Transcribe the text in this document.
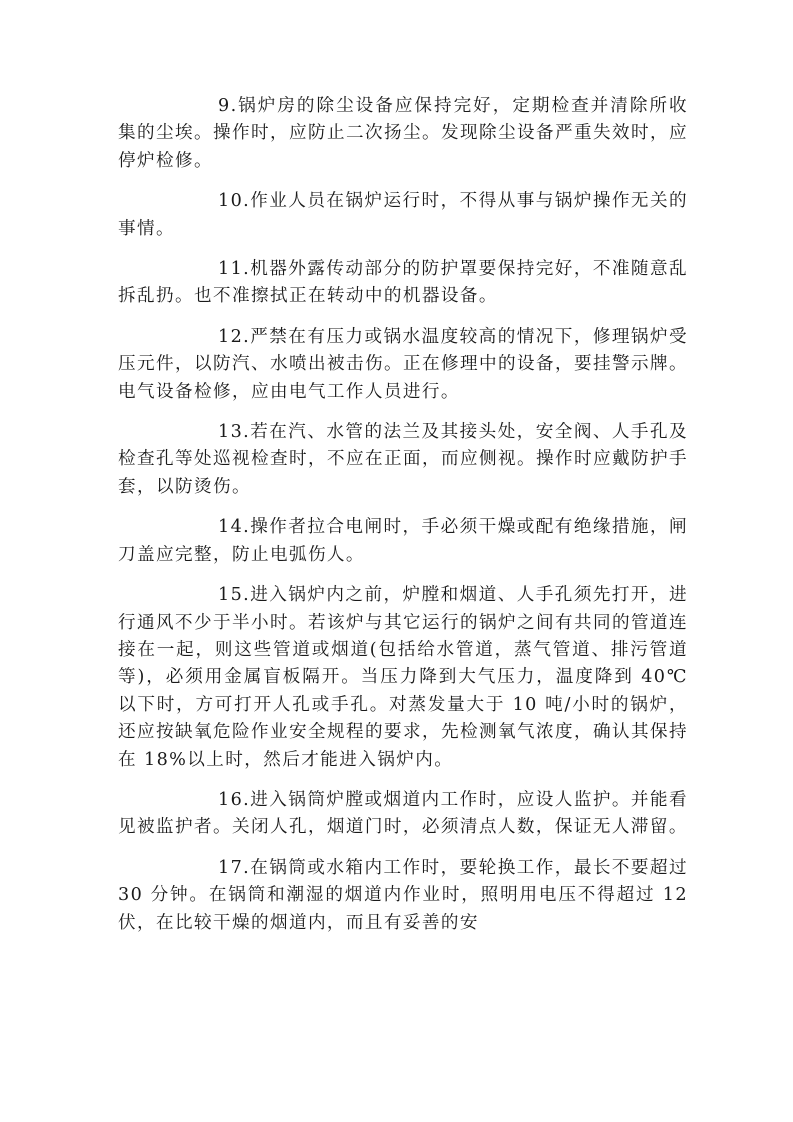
9.锅炉房的除尘设备应保持完好，定期检查并清除所收集的尘埃。操作时，应防止二次扬尘。发现除尘设备严重失效时，应停炉检修。

10.作业人员在锅炉运行时，不得从事与锅炉操作无关的事情。

11.机器外露传动部分的防护罩要保持完好，不准随意乱拆乱扔。也不准擦拭正在转动中的机器设备。

12.严禁在有压力或锅水温度较高的情况下，修理锅炉受压元件，以防汽、水喷出被击伤。正在修理中的设备，要挂警示牌。电气设备检修，应由电气工作人员进行。

13.若在汽、水管的法兰及其接头处，安全阀、人手孔及检查孔等处巡视检查时，不应在正面，而应侧视。操作时应戴防护手套，以防烫伤。

14.操作者拉合电闸时，手必须干燥或配有绝缘措施，闸刀盖应完整，防止电弧伤人。

15.进入锅炉内之前，炉膛和烟道、人手孔须先打开，进行通风不少于半小时。若该炉与其它运行的锅炉之间有共同的管道连接在一起，则这些管道或烟道(包括给水管道，蒸气管道、排污管道等)，必须用金属盲板隔开。当压力降到大气压力，温度降到 40℃以下时，方可打开人孔或手孔。对蒸发量大于 10 吨/小时的锅炉，还应按缺氧危险作业安全规程的要求，先检测氧气浓度，确认其保持在 18%以上时，然后才能进入锅炉内。

16.进入锅筒炉膛或烟道内工作时，应设人监护。并能看见被监护者。关闭人孔，烟道门时，必须清点人数，保证无人滞留。

17.在锅筒或水箱内工作时，要轮换工作，最长不要超过 30 分钟。在锅筒和潮湿的烟道内作业时，照明用电压不得超过 12 伏，在比较干燥的烟道内，而且有妥善的安
